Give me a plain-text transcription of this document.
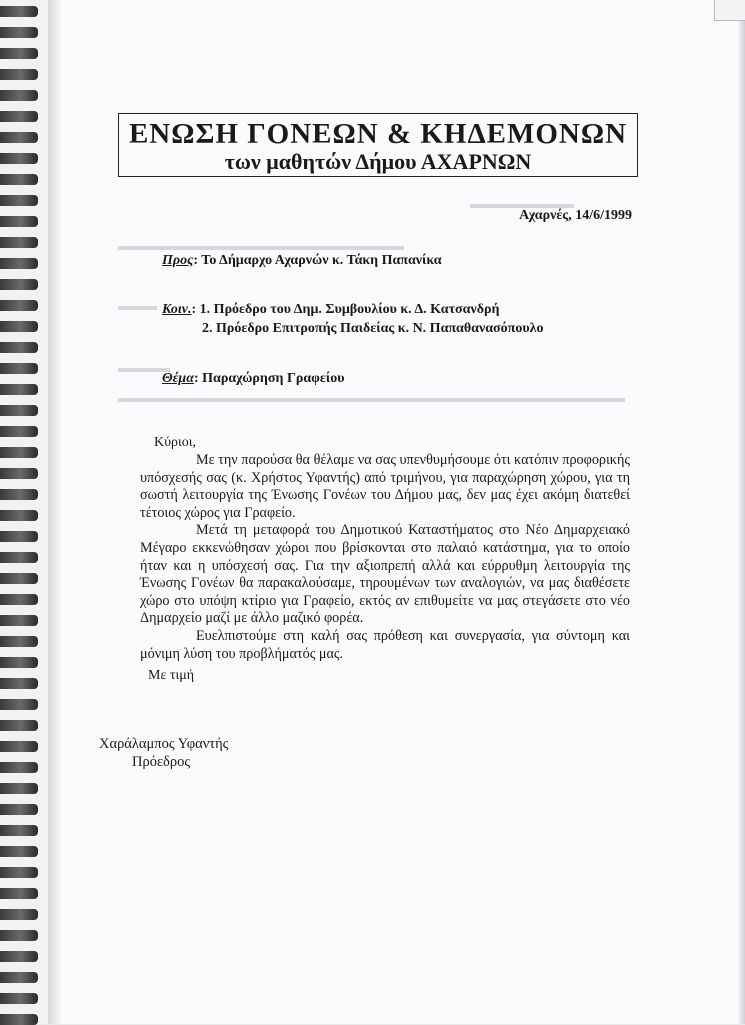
▬▬▬▬▬▬▬▬
▬▬▬▬▬▬▬▬▬▬▬▬▬▬▬▬▬▬▬▬▬▬
▬▬▬
▬▬▬▬
▬▬▬▬▬▬▬▬▬▬▬▬▬▬▬▬▬▬▬▬▬▬▬▬▬▬▬▬▬▬▬▬▬▬▬▬▬▬▬
ΕΝΩΣΗ ΓΟΝΕΩΝ & ΚΗΔΕΜΟΝΩΝ
των μαθητών Δήμου ΑΧΑΡΝΩΝ
Αχαρνές, 14/6/1999
Προς: Το Δήμαρχο Αχαρνών κ. Τάκη Παπανίκα
Κοιν.: 1. Πρόεδρο του Δημ. Συμβουλίου κ. Δ. Κατσανδρή
2. Πρόεδρο Επιτροπής Παιδείας κ. Ν. Παπαθανασόπουλο
Θέμα: Παραχώρηση Γραφείου
Κύριοι,

Με την παρούσα θα θέλαμε να σας υπενθυμήσουμε ότι κατόπιν προφορικής υπόσχεσής σας (κ. Χρήστος Υφαντής) από τριμήνου, για παραχώρηση χώρου, για τη σωστή λειτουργία της Ένωσης Γονέων του Δήμου μας, δεν μας έχει ακόμη διατεθεί τέτοιος χώρος για Γραφείο.

Μετά τη μεταφορά του Δημοτικού Καταστήματος στο Νέο Δημαρχειακό Μέγαρο εκκενώθησαν χώροι που βρίσκονται στο παλαιό κατάστημα, για το οποίο ήταν και η υπόσχεσή σας. Για την αξιοπρεπή αλλά και εύρρυθμη λειτουργία της Ένωσης Γονέων θα παρακαλούσαμε, τηρουμένων των αναλογιών, να μας διαθέσετε χώρο στο υπόψη κτίριο για Γραφείο, εκτός αν επιθυμείτε να μας στεγάσετε στο νέο Δημαρχείο μαζί με άλλο μαζικό φορέα.

Ευελπιστούμε στη καλή σας πρόθεση και συνεργασία, για σύντομη και μόνιμη λύση του προβλήματός μας.

Με τιμή
Χαράλαμπος Υφαντής
Πρόεδρος
